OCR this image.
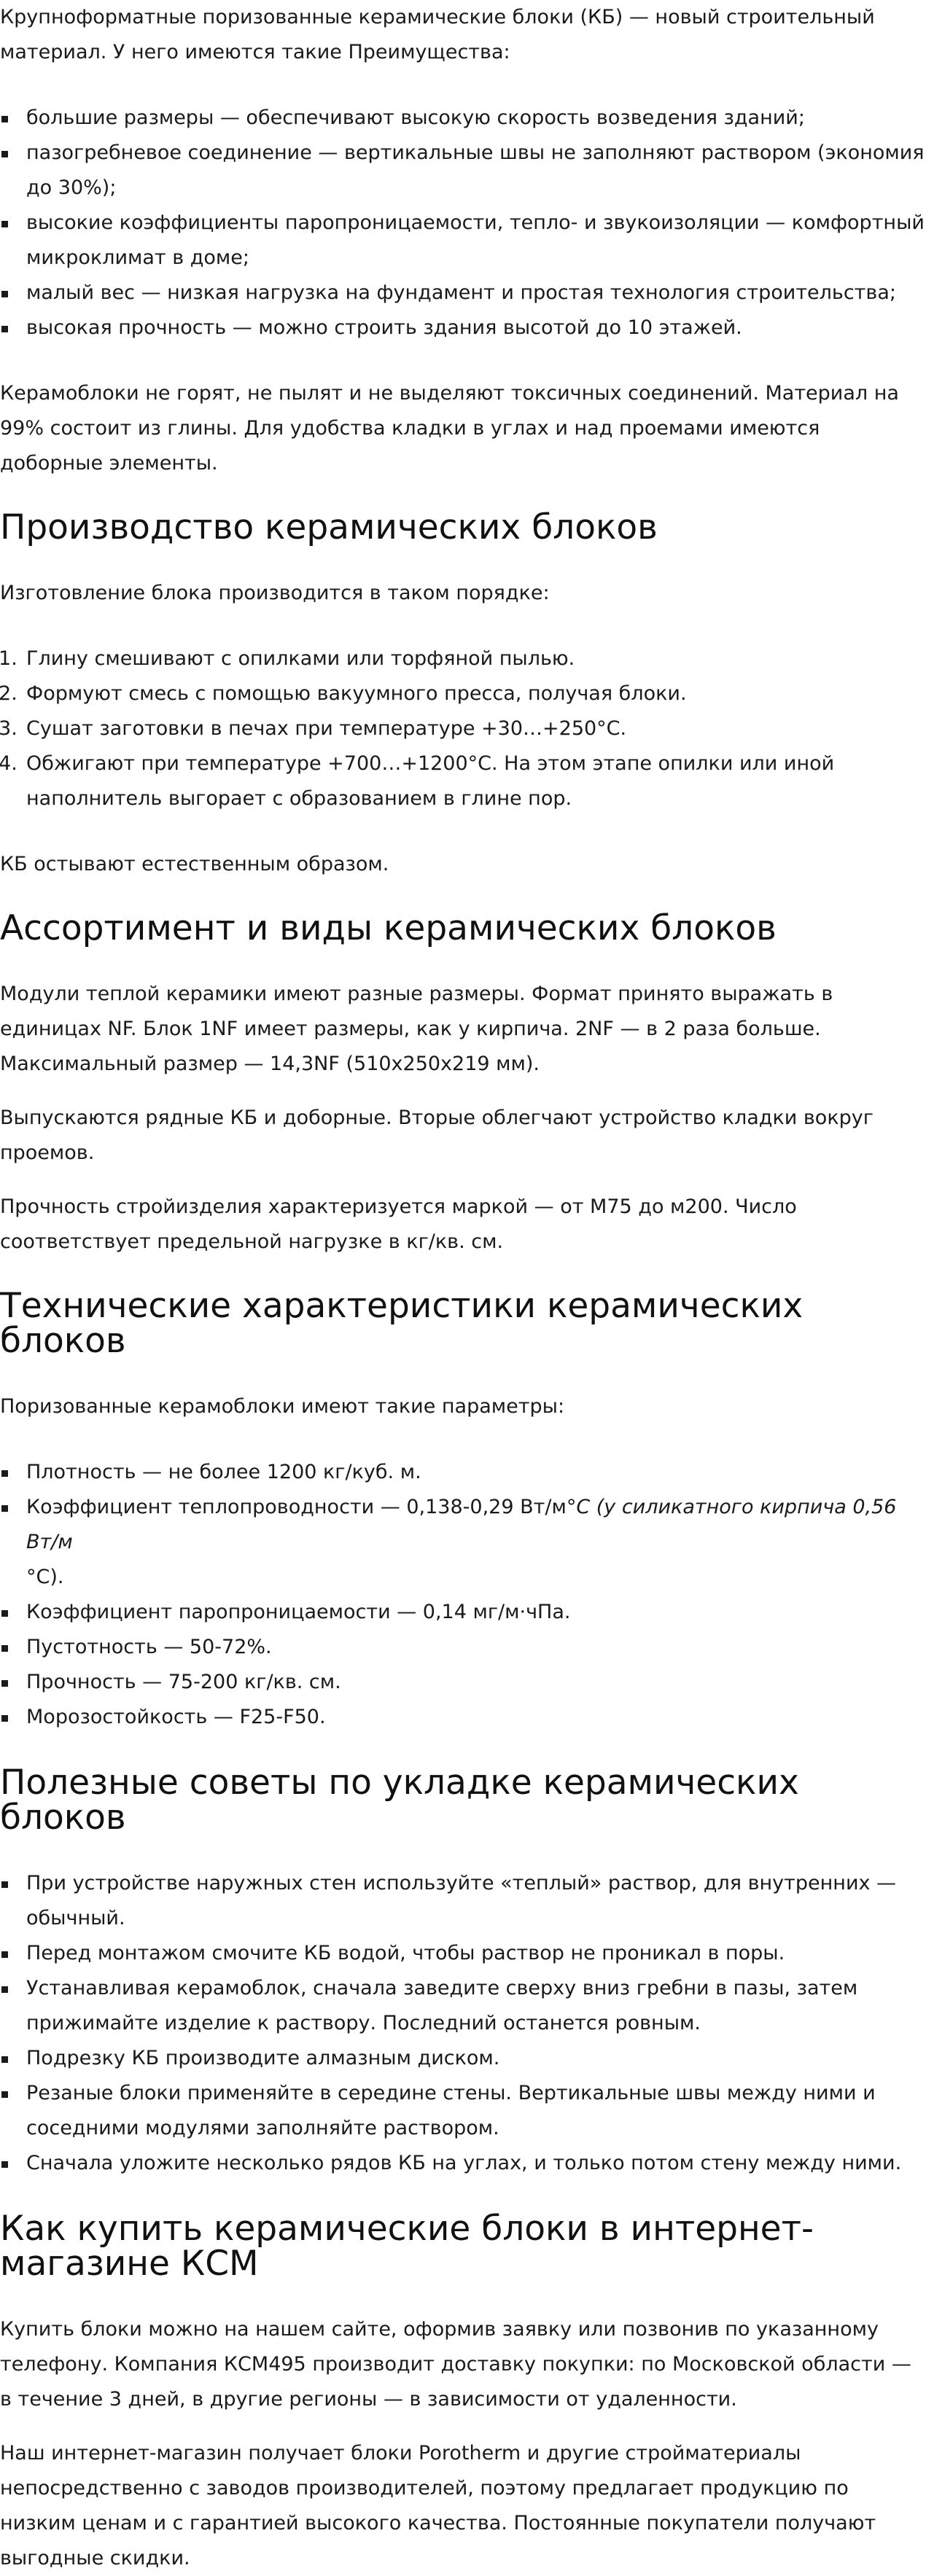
Крупноформатные поризованные керамические блоки (КБ) — новый строительный материал. У него имеются такие Преимущества:

большие размеры — обеспечивают высокую скорость возведения зданий;
пазогребневое соединение — вертикальные швы не заполняют раствором (экономия до 30%);
высокие коэффициенты паропроницаемости, тепло- и звукоизоляции — комфортный микроклимат в доме;
малый вес — низкая нагрузка на фундамент и простая технология строительства;
высокая прочность — можно строить здания высотой до 10 этажей.

Керамоблоки не горят, не пылят и не выделяют токсичных соединений. Материал на 99% состоит из глины. Для удобства кладки в углах и над проемами имеются доборные элементы.

Производство керамических блоков

Изготовление блока производится в таком порядке:

Глину смешивают с опилками или торфяной пылью.
Формуют смесь с помощью вакуумного пресса, получая блоки.
Сушат заготовки в печах при температуре +30…+250°С.
Обжигают при температуре +700…+1200°С. На этом этапе опилки или иной наполнитель выгорает с образованием в глине пор.

КБ остывают естественным образом.

Ассортимент и виды керамических блоков

Модули теплой керамики имеют разные размеры. Формат принято выражать в единицах NF. Блок 1NF имеет размеры, как у кирпича. 2NF — в 2 раза больше. Максимальный размер — 14,3NF (510х250х219 мм).

Выпускаются рядные КБ и доборные. Вторые облегчают устройство кладки вокруг проемов.

Прочность стройизделия характеризуется маркой — от М75 до м200. Число соответствует предельной нагрузке в кг/кв. см.

Технические характеристики керамических блоков

Поризованные керамоблоки имеют такие параметры:

Плотность — не более 1200 кг/куб. м.
Коэффициент теплопроводности — 0,138-0,29 Вт/м°С (у силикатного кирпича 0,56 Вт/м
°С).
Коэффициент паропроницаемости — 0,14 мг/м·чПа.
Пустотность — 50-72%.
Прочность — 75-200 кг/кв. см.
Морозостойкость — F25-F50.
Полезные советы по укладке керамических блоков
При устройстве наружных стен используйте «теплый» раствор, для внутренних — обычный.
Перед монтажом смочите КБ водой, чтобы раствор не проникал в поры.
Устанавливая керамоблок, сначала заведите сверху вниз гребни в пазы, затем прижимайте изделие к раствору. Последний останется ровным.
Подрезку КБ производите алмазным диском.
Резаные блоки применяйте в середине стены. Вертикальные швы между ними и соседними модулями заполняйте раствором.
Сначала уложите несколько рядов КБ на углах, и только потом стену между ними.
Как купить керамические блоки в интернет-магазине КСМ

Купить блоки можно на нашем сайте, оформив заявку или позвонив по указанному телефону. Компания КСМ495 производит доставку покупки: по Московской области — в течение 3 дней, в другие регионы — в зависимости от удаленности.

Наш интернет-магазин получает блоки Porotherm и другие стройматериалы непосредственно с заводов производителей, поэтому предлагает продукцию по низким ценам и с гарантией высокого качества. Постоянные покупатели получают выгодные скидки.
